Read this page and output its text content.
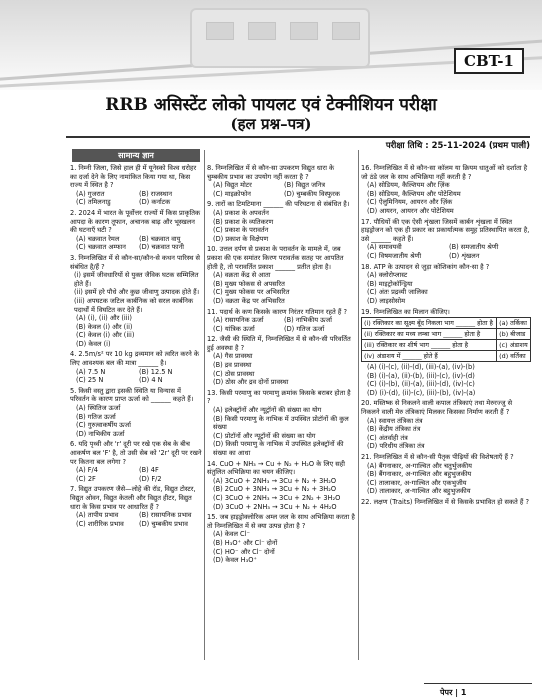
CBT-1
RRB असिस्टेंट लोको पायलट एवं टेक्नीशियन परीक्षा
(हल प्रश्न–पत्र)
परीक्षा तिथि : 25-11-2024 (प्रथम पाली)
सामान्य ज्ञान
1. निम्नी जिला, जिसे हाल ही में यूनेस्को विश्व धरोहर का दर्जा देने के लिए नामांकित किया गया था, किस राज्य में स्थित है ?
(A) गुजरात	(B) राजस्थान
(C) तमिलनाडु	(D) कर्नाटक
2. 2024 में भारत के पूर्वोत्तर राज्यों में किस प्राकृतिक आपदा के कारण तूफान, अचानक बाढ़ और भूस्खलन की घटनाएँ घटी ?
(A) चक्रवात रेमल	(B) चक्रवात वायु
(C) चक्रवात अम्फान	(D) चक्रवात फानी
3. निम्नलिखित में से कौन-सा/कौन-से कथन पारिस्थ से संबंधित है/हैं ?
(i) इसमें जीवधारियों से युक्त जैविक घटक सम्मिलित होते हैं।
(ii) इसमें हरे पौधे और कुछ जीवाणु उत्पादक होते हैं।
(iii) अपघटक जटिल कार्बनिक को सरल कार्बनिक पदार्थों में विघटित कर देते हैं।
(A) (i), (ii) और (iii)
(B) केवल (i) और (ii)
(C) केवल (i) और (iii)
(D) केवल (i)
4. 2.5m/s² पर 10 kg द्रव्यमान को त्वरित करने के लिए आवश्यक बल की मात्रा ______ है।
(A) 7.5 N	(B) 12.5 N
(C) 25 N	(D) 4 N
5. किसी वस्तु द्वारा इसकी स्थिति या विन्यास में परिवर्तन के कारण प्राप्त ऊर्जा को ______ कहते हैं।
(A) स्थितिज ऊर्जा
(B) गतिज ऊर्जा
(C) गुरुत्वाकर्षीय ऊर्जा
(D) नाभिकीय ऊर्जा
6. यदि पृथ्वी और 'r' दूरी पर रखे एक सेब के बीच आकर्षण बल 'F' है, तो उसी सेब को '2r' दूरी पर रखने पर कितना बल लगेगा ?
(A) F/4	(B) 4F
(C) 2F	(D) F/2
7. विद्युत उपकरण जैसे—लोहे की रॉड, विद्युत टोस्टर, विद्युत ओवन, विद्युत केतली और विद्युत हीटर, विद्युत धारा के किस प्रभाव पर आधारित हैं ?
(A) तापीय प्रभाव	(B) रासायनिक प्रभाव
(C) शारीरिक प्रभाव	(D) चुम्बकीय प्रभाव
8. निम्नलिखित में से कौन-सा उपकरण विद्युत धारा के चुम्बकीय प्रभाव का उपयोग नहीं करता है ?
(A) विद्युत मोटर	(B) विद्युत जनित्र
(C) माइक्रोफोन	(D) चुम्बकीय विस्फुरक
9. तारों का टिमटिमाना ______ की परिघटना से संबंधित है।
(A) प्रकाश के अपवर्तन
(B) प्रकाश के व्यतिकरण
(C) प्रकाश के परावर्तन
(D) प्रकाश के विक्षेपण
10. उत्तल दर्पण से प्रकाश के परावर्तन के मामले में, जब प्रकाश की एक समांतर किरण परावर्तक सतह पर आपतित होती है, तो परावर्तित प्रकाश ______ प्रतीत होता है।
(A) वक्रता केंद्र से आता
(B) मुख्य फोकस से अपसरित
(C) मुख्य फोकस पर अभिसरित
(D) वक्रता केंद्र पर अभिसरित
11. पदार्थ के कण किसके कारण निरंतर गतिमान रहते हैं ?
(A) रासायनिक ऊर्जा	(B) नाभिकीय ऊर्जा
(C) यांत्रिक ऊर्जा	(D) गतिज ऊर्जा
12. जैसी की स्थिति में, निम्नलिखित में से कौन-सी परिवर्तित हुई अवस्था है ?
(A) गैस प्रावस्था
(B) द्रव प्रावस्था
(C) ठोस प्रावस्था
(D) ठोस और द्रव दोनों प्रावस्था
13. किसी परमाणु का परमाणु क्रमांक किसके बराबर होता है ?
(A) इलेक्ट्रॉनों और न्यूट्रॉनों की संख्या का योग
(B) किसी परमाणु के नाभिक में उपस्थित प्रोटॉनों की कुल संख्या
(C) प्रोटॉनों और न्यूट्रॉनों की संख्या का योग
(D) किसी परमाणु के नाभिक में उपस्थित इलेक्ट्रॉनों की संख्या का आधा
14. CuO + NH₃ → Cu + N₂ + H₂O के लिए सही संतुलित अभिक्रिया का चयन कीजिए।
(A) 3CuO + 2NH₃ → 3Cu + N₂ + 3H₂O
(B) 2CuO + 3NH₃ → 3Cu + N₂ + 3H₂O
(C) 3CuO + 2NH₃ → 3Cu + 2N₂ + 3H₂O
(D) 3CuO + 2NH₃ → 3Cu + N₂ + 4H₂O
15. जब हाइड्रोक्लोरिक अम्ल जल के साथ अभिक्रिया करता है तो निम्नलिखित में से क्या उत्पन्न होता है ?
(A) केवल Cl⁻
(B) H₃O⁺ और Cl⁻ दोनों
(C) HO⁻ और Cl⁻ दोनों
(D) केवल H₃O⁺
16. निम्नलिखित में से कौन-सा कॉलम या क्रियम धातुओं को दर्शाता है जो ठंडे जल के साथ अभिक्रिया नहीं करती है ?
(A) सोडियम, कैल्शियम और ज़िंक
(B) सोडियम, कैल्शियम और पोटेशियम
(C) ऐलुमिनियम, आयरन और ज़िंक
(D) आयरन, आयरन और पोटेशियम
17. पौधियों की एक ऐसी शृंखला जिसमें कार्बन शृंखला में स्थित हाइड्रोजन को एक ही प्रकार का प्रकार्यात्मक समूह प्रतिस्थापित करता है, उसे ______ कहते हैं।
(A) समावयवी	(B) समजातीय श्रेणी
(C) विषमजातीय श्रेणी	(D) शृंखलन
18. ATP के उत्पादन से जुड़ा कोशिकांग कौन-सा है ?
(A) क्लोरोप्लास्ट
(B) माइट्रोकॉन्ड्रिया
(C) अंतः प्रद्रव्यी जालिका
(D) लाइसोसोम
19. निम्नलिखित का मिलान कीजिए।
(i) रक्तिकार का सूक्ष्म बूँद निकला भाग ______ होता है	(a) तर्किका
(ii) रक्तिकार का मध्य लम्बा भाग ______ होता है	(b) बीजाड
(iii) रक्तिकार का शीर्ष भाग ______ होता है	(c) अंडाशय
(iv) अंडाशय में ______ होते हैं	(d) वर्तिका
(A) (i)-(c), (ii)-(d), (iii)-(a), (iv)-(b)
(B) (i)-(a), (ii)-(b), (iii)-(c), (iv)-(d)
(C) (i)-(b), (ii)-(a), (iii)-(d), (iv)-(c)
(D) (i)-(d), (ii)-(c), (iii)-(b), (iv)-(a)
20. मस्तिष्क से निकलने वाली कपाल तंत्रिकाएं तथा मेरुरज्जु से निकलने वाली मेरु तंत्रिकाएं मिलकर किसका निर्माण करती हैं ?
(A) स्वायत्त तंत्रिका तंत्र
(B) केंद्रीय तंत्रिका तंत्र
(C) अंतर्वाही तंत्र
(D) परिधीय तंत्रिका तंत्र
21. निम्नलिखित में से कौन-सी पैतृक पीढ़ियों की विशेषताएँ हैं ?
(A) बैंगनाकार, अ-गाल्वित और चतुर्भुजकीय
(B) बैंगनाकार, अ-गाल्वित और बहुभुजकीय
(C) तालाकार, अ-गाल्वित और एकभुजीय
(D) तालाकार, अ-गाल्वित और बहुभुजकीय
22. लक्षण (Traits) निम्नलिखित में से किसके प्रभावित हो सकते हैं ?
पेपर | 1
